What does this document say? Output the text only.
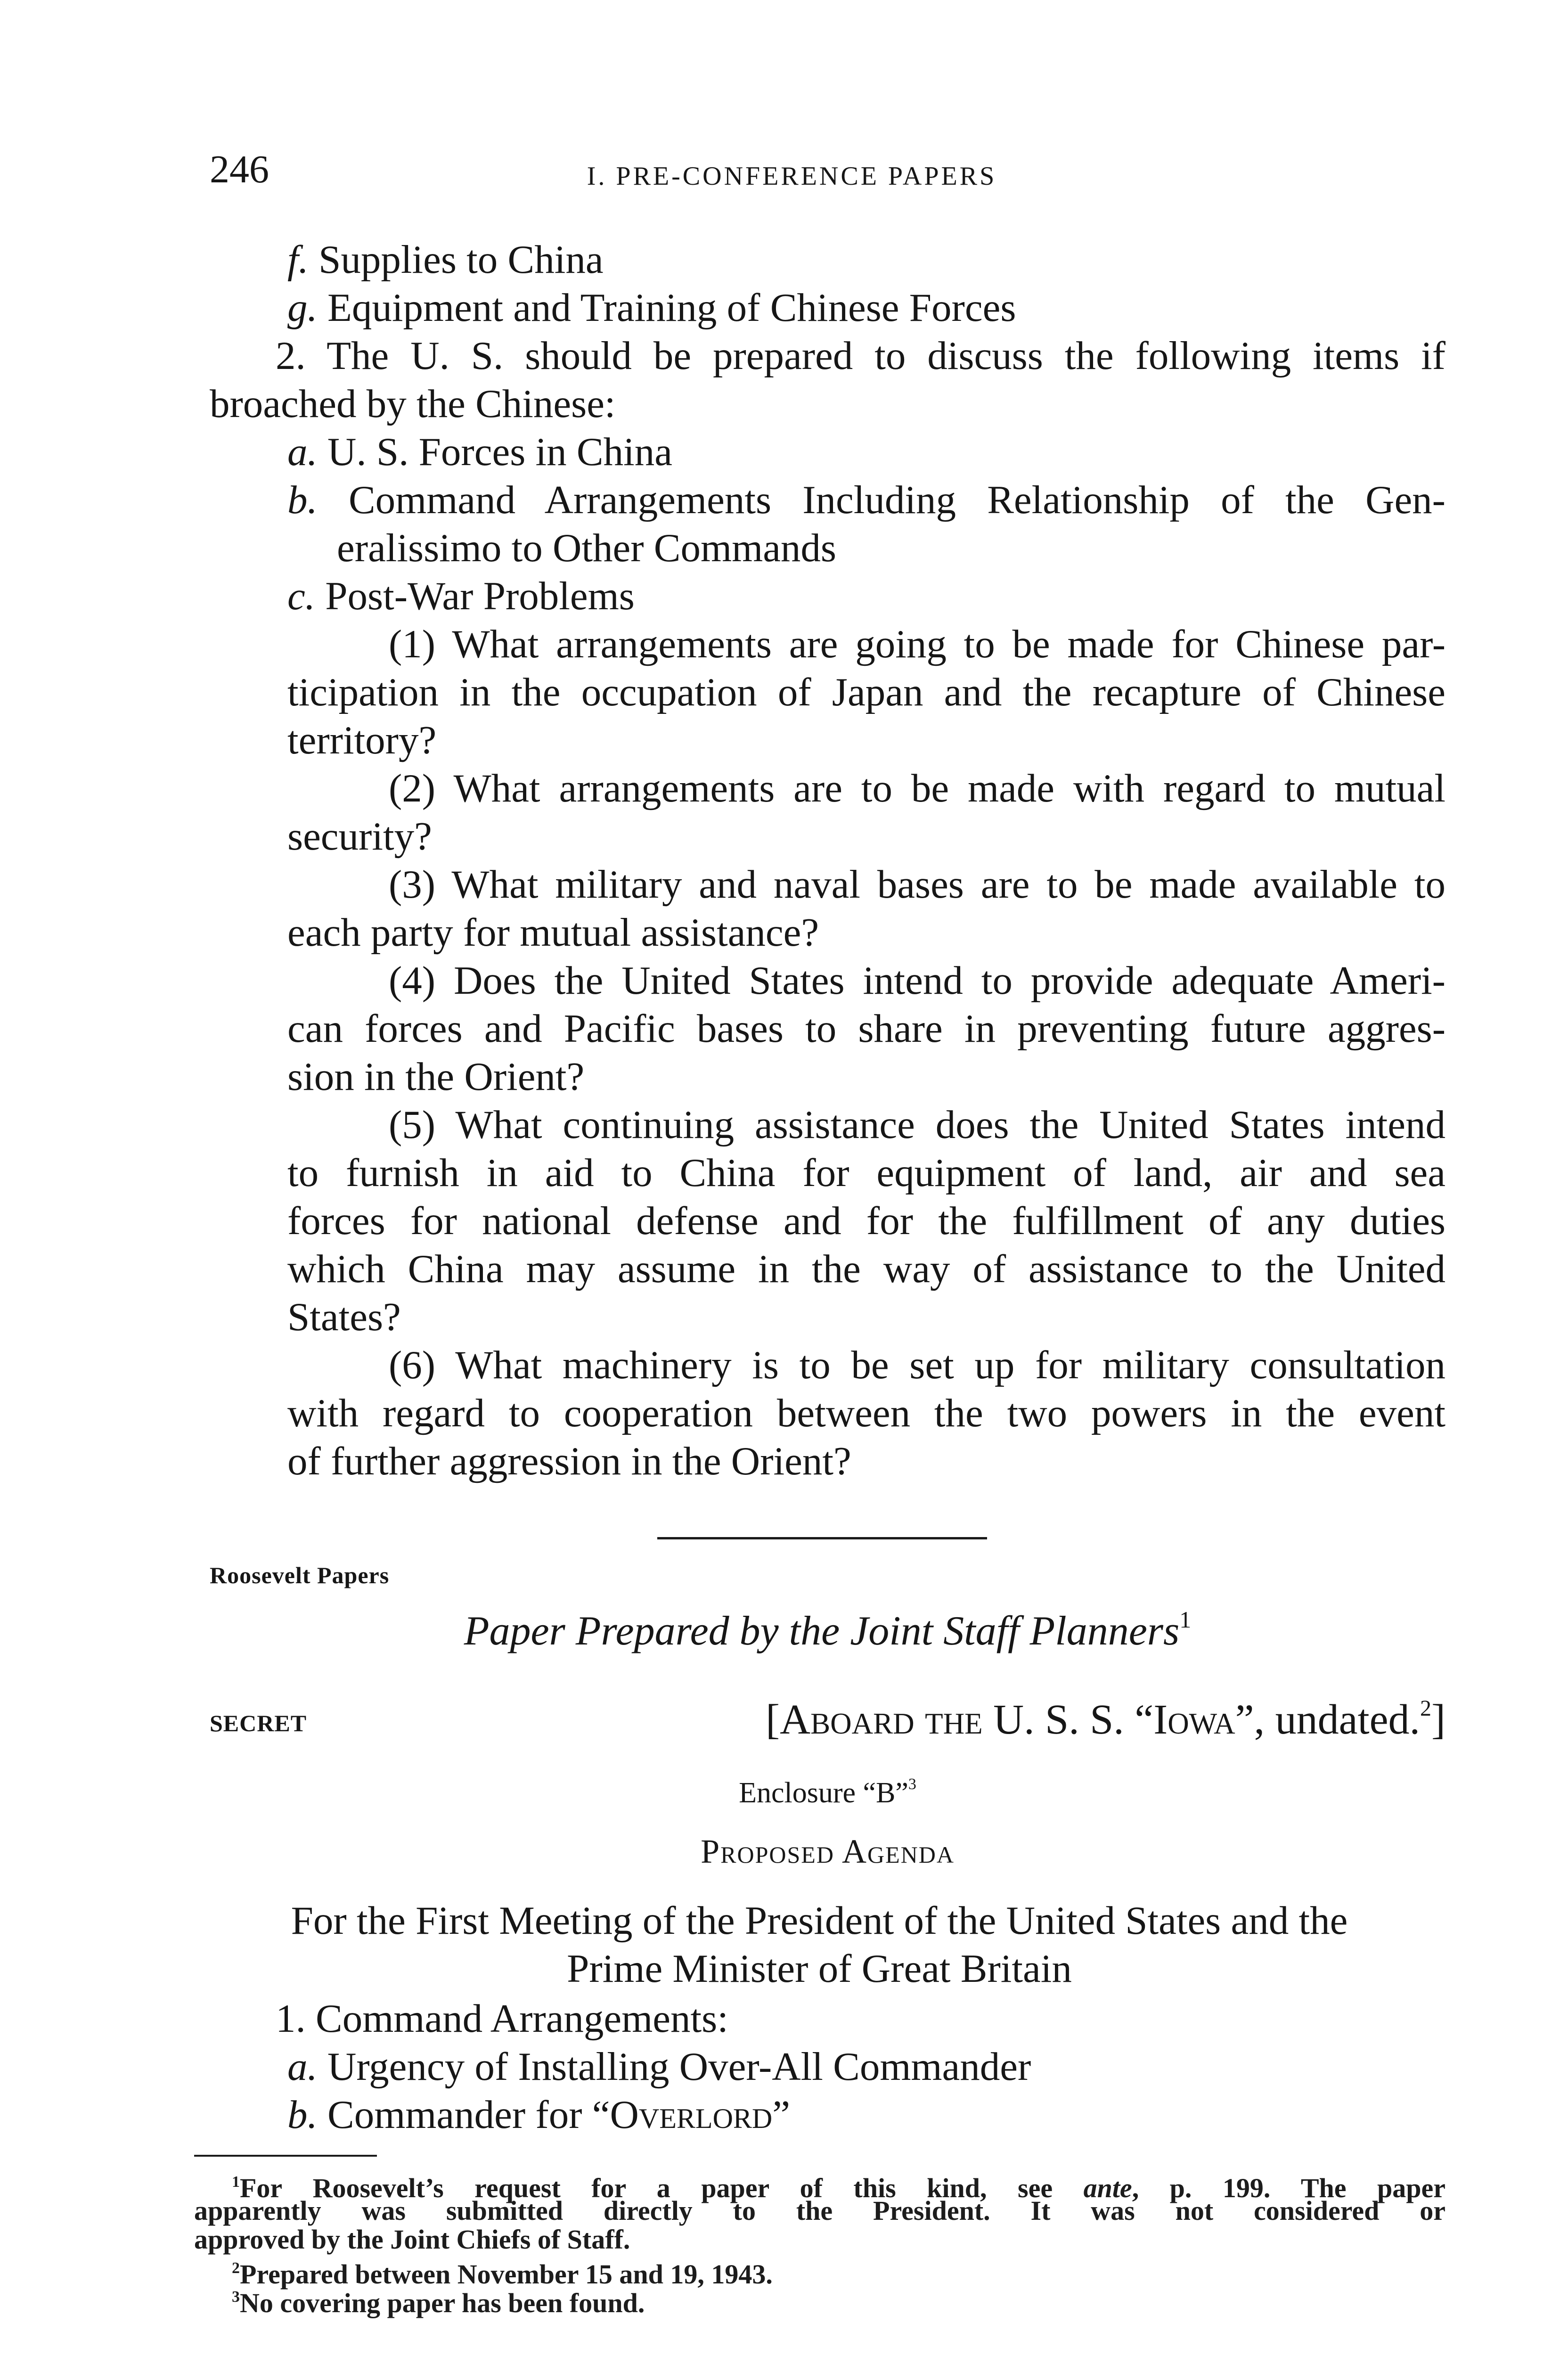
246	I. PRE-CONFERENCE PAPERS
f. Supplies to China
g. Equipment and Training of Chinese Forces
2. The U. S. should be prepared to discuss the following items if
broached by the Chinese:
a. U. S. Forces in China
b. Command Arrangements Including Relationship of the Gen-
eralissimo to Other Commands
c. Post-War Problems
(1) What arrangements are going to be made for Chinese par-
ticipation in the occupation of Japan and the recapture of Chinese
territory?
(2) What arrangements are to be made with regard to mutual
security?
(3) What military and naval bases are to be made available to
each party for mutual assistance?
(4) Does the United States intend to provide adequate Ameri-
can forces and Pacific bases to share in preventing future aggres-
sion in the Orient?
(5) What continuing assistance does the United States intend
to furnish in aid to China for equipment of land, air and sea
forces for national defense and for the fulfillment of any duties
which China may assume in the way of assistance to the United
States?
(6) What machinery is to be set up for military consultation
with regard to cooperation between the two powers in the event
of further aggression in the Orient?
Roosevelt Papers
Paper Prepared by the Joint Staff Planners$^1$
SECRET	[Aboard the U. S. S. “Iowa”, undated.$^2$]
Enclosure “B”$^3$
Proposed Agenda
For the First Meeting of the President of the United States and the
Prime Minister of Great Britain
1. Command Arrangements:
a. Urgency of Installing Over-All Commander
b. Commander for “Overlord”
$^1$For Roosevelt’s request for a paper of this kind, see ante, p. 199. The paper
apparently was submitted directly to the President. It was not considered or
approved by the Joint Chiefs of Staff.
$^2$Prepared between November 15 and 19, 1943.
$^3$No covering paper has been found.
